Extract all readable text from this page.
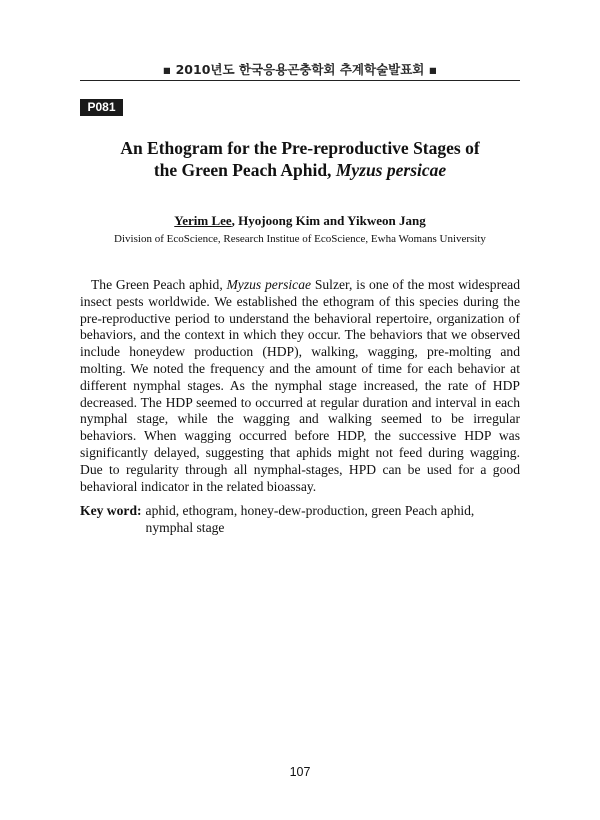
▪ 2010년도 한국응용곤충학회 추계학술발표회 ▪
P081
An Ethogram for the Pre-reproductive Stages of
the Green Peach Aphid, Myzus persicae
Yerim Lee, Hyojoong Kim and Yikweon Jang
Division of EcoScience, Research Institue of EcoScience, Ewha Womans University

The Green Peach aphid, Myzus persicae Sulzer, is one of the most widespread insect pests worldwide. We established the ethogram of this species during the pre-reproductive period to understand the behavioral repertoire, organization of behaviors, and the context in which they occur. The behaviors that we observed include honeydew production (HDP), walking, wagging, pre-molting and molting. We noted the frequency and the amount of time for each behavior at different nymphal stages. As the nymphal stage increased, the rate of HDP decreased. The HDP seemed to occurred at regular duration and interval in each nymphal stage, while the wagging and walking seemed to be irregular behaviors. When wagging occurred before HDP, the successive HDP was significantly delayed, suggesting that aphids might not feed during wagging. Due to regularity through all nymphal-stages, HPD can be used for a good behavioral indicator in the related bioassay.

Key word: aphid, ethogram, honey-dew-production, green Peach aphid, nymphal stage
107
